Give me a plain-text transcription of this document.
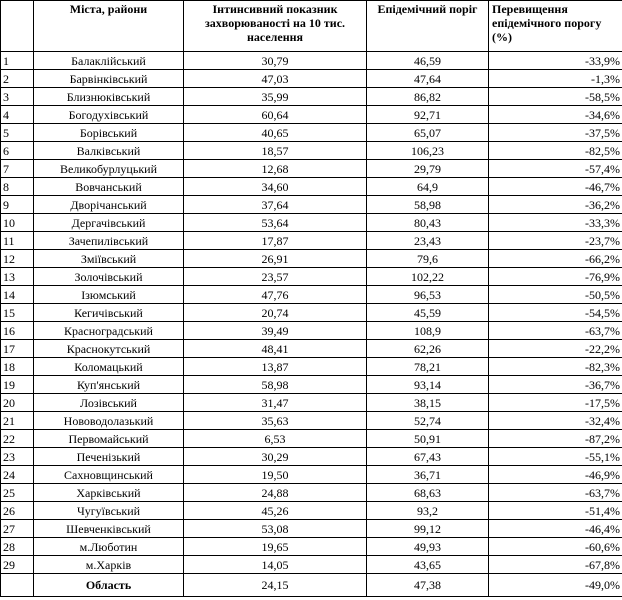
	Міста, райони	Інтинсивний показник захворюваності на 10 тис. населення	Епідемічний поріг	Перевищення епідемічного порогу (%)
1	Балаклійський	30,79	46,59	-33,9%
2	Барвінківський	47,03	47,64	-1,3%
3	Близнюківський	35,99	86,82	-58,5%
4	Богодухівський	60,64	92,71	-34,6%
5	Борівський	40,65	65,07	-37,5%
6	Валківський	18,57	106,23	-82,5%
7	Великобурлуцький	12,68	29,79	-57,4%
8	Вовчанський	34,60	64,9	-46,7%
9	Дворічанський	37,64	58,98	-36,2%
10	Дергачівський	53,64	80,43	-33,3%
11	Зачепилівський	17,87	23,43	-23,7%
12	Зміївський	26,91	79,6	-66,2%
13	Золочівський	23,57	102,22	-76,9%
14	Ізюмський	47,76	96,53	-50,5%
15	Кегичівський	20,74	45,59	-54,5%
16	Красноградський	39,49	108,9	-63,7%
17	Краснокутський	48,41	62,26	-22,2%
18	Коломацький	13,87	78,21	-82,3%
19	Куп'янський	58,98	93,14	-36,7%
20	Лозівський	31,47	38,15	-17,5%
21	Нововодолазький	35,63	52,74	-32,4%
22	Первомайський	6,53	50,91	-87,2%
23	Печенізький	30,29	67,43	-55,1%
24	Сахновщинський	19,50	36,71	-46,9%
25	Харківський	24,88	68,63	-63,7%
26	Чугуївський	45,26	93,2	-51,4%
27	Шевченківський	53,08	99,12	-46,4%
28	м.Люботин	19,65	49,93	-60,6%
29	м.Харків	14,05	43,65	-67,8%
	Область	24,15	47,38	-49,0%
